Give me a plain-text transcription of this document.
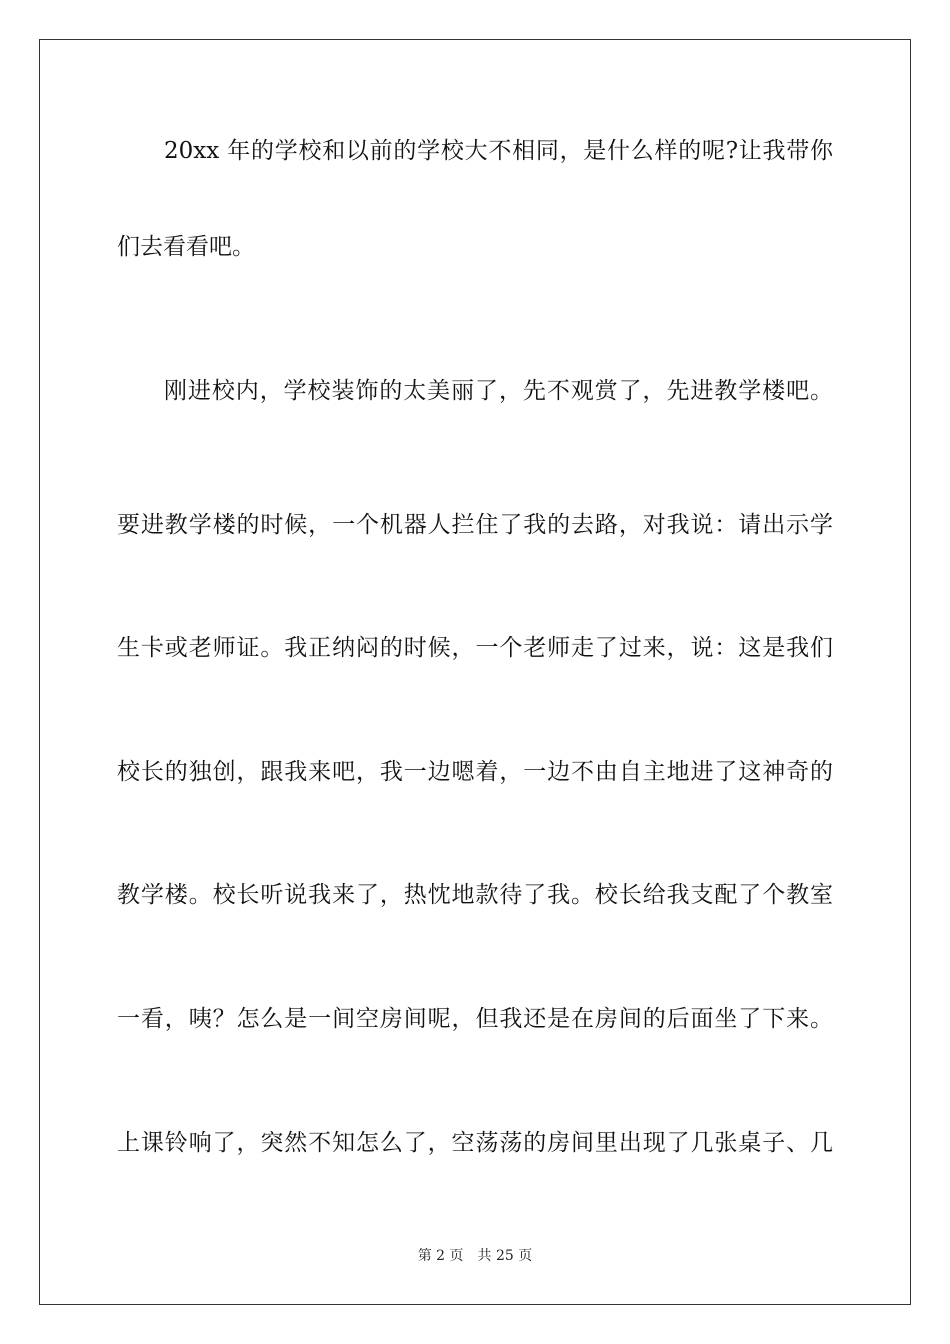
20xx 年的学校和以前的学校大不相同，是什么样的呢?让我带你
们去看看吧。
刚进校内，学校装饰的太美丽了，先不观赏了，先进教学楼吧。
要进教学楼的时候，一个机器人拦住了我的去路，对我说：请出示学
生卡或老师证。我正纳闷的时候，一个老师走了过来，说：这是我们
校长的独创，跟我来吧，我一边嗯着，一边不由自主地进了这神奇的
教学楼。校长听说我来了，热忱地款待了我。校长给我支配了个教室
一看，咦？怎么是一间空房间呢，但我还是在房间的后面坐了下来。
上课铃响了，突然不知怎么了，空荡荡的房间里出现了几张桌子、几
第 2 页 共 25 页
